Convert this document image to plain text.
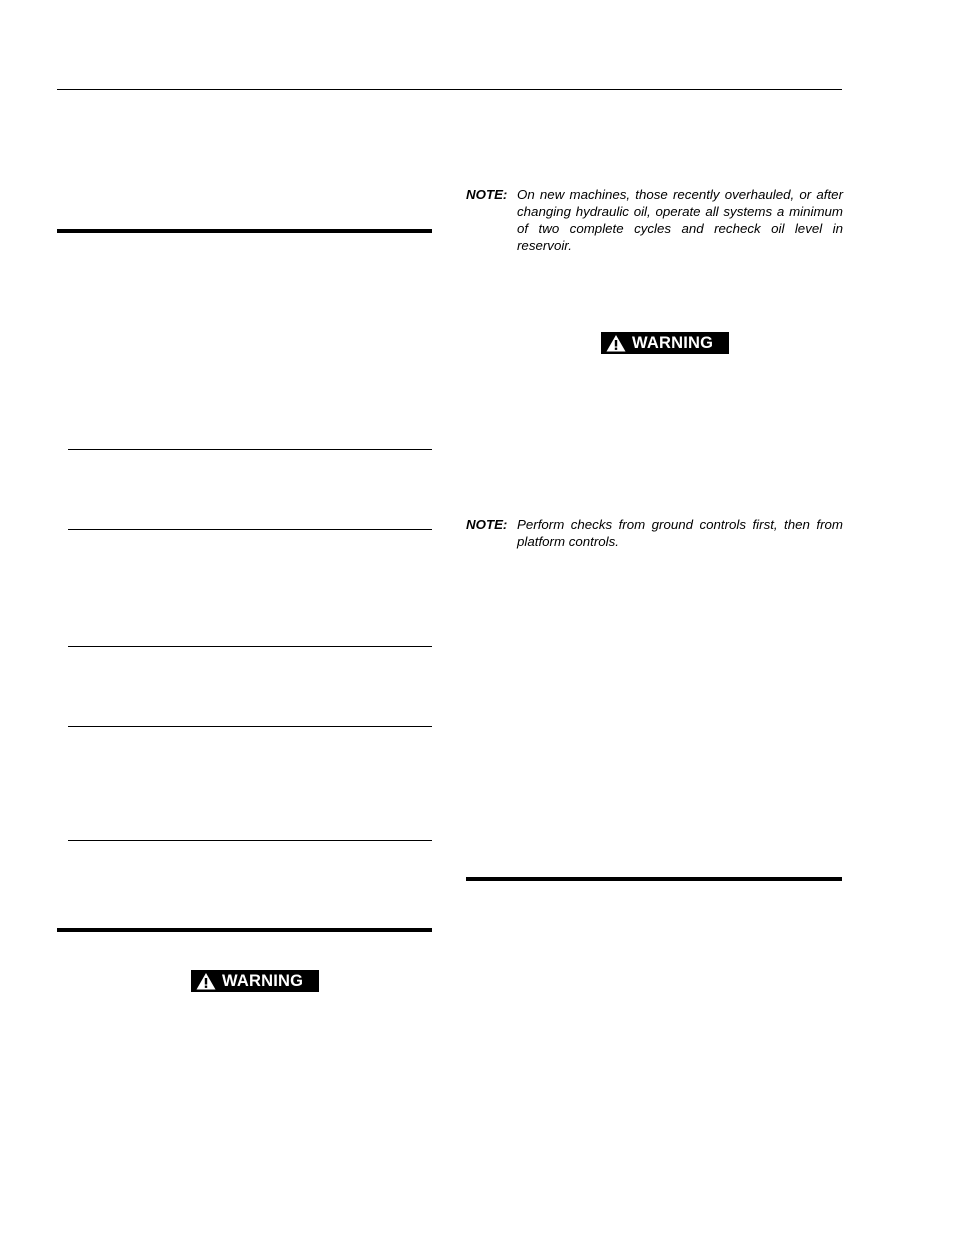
NOTE: On new machines, those recently overhauled, or after changing hydraulic oil, operate all systems a minimum of two complete cycles and recheck oil level in reservoir.
WARNING
NOTE: Perform checks from ground controls first, then from platform controls.
WARNING
